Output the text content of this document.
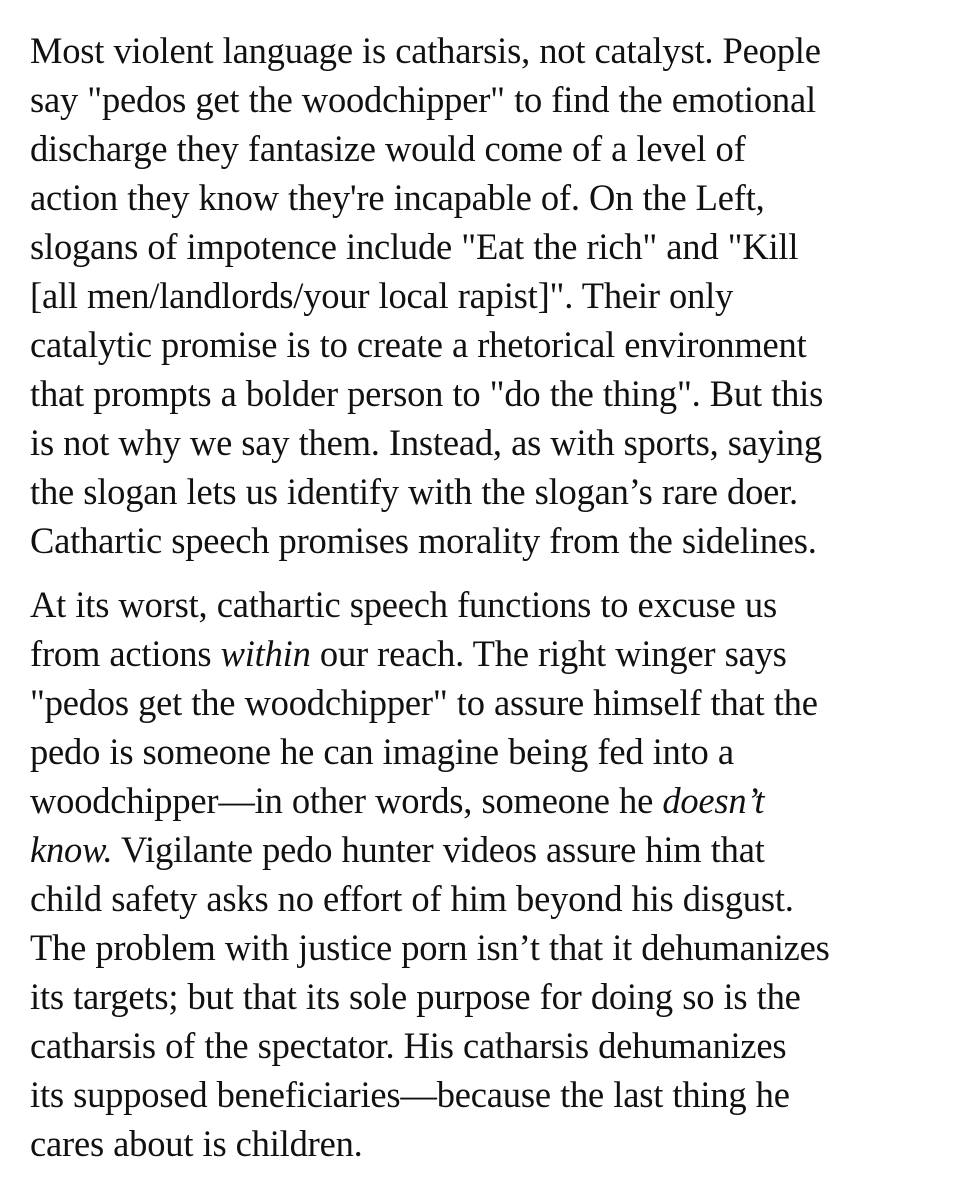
Most violent language is catharsis, not catalyst. People
say "pedos get the woodchipper" to find the emotional
discharge they fantasize would come of a level of
action they know they're incapable of. On the Left,
slogans of impotence include "Eat the rich" and "Kill
[all men/landlords/your local rapist]". Their only
catalytic promise is to create a rhetorical environment
that prompts a bolder person to "do the thing". But this
is not why we say them. Instead, as with sports, saying
the slogan lets us identify with the slogan’s rare doer.
Cathartic speech promises morality from the sidelines.

At its worst, cathartic speech functions to excuse us
from actions within our reach. The right winger says
"pedos get the woodchipper" to assure himself that the
pedo is someone he can imagine being fed into a
woodchipper—in other words, someone he doesn’t
know. Vigilante pedo hunter videos assure him that
child safety asks no effort of him beyond his disgust.
The problem with justice porn isn’t that it dehumanizes
its targets; but that its sole purpose for doing so is the
catharsis of the spectator. His catharsis dehumanizes
its supposed beneficiaries—because the last thing he
cares about is children.
